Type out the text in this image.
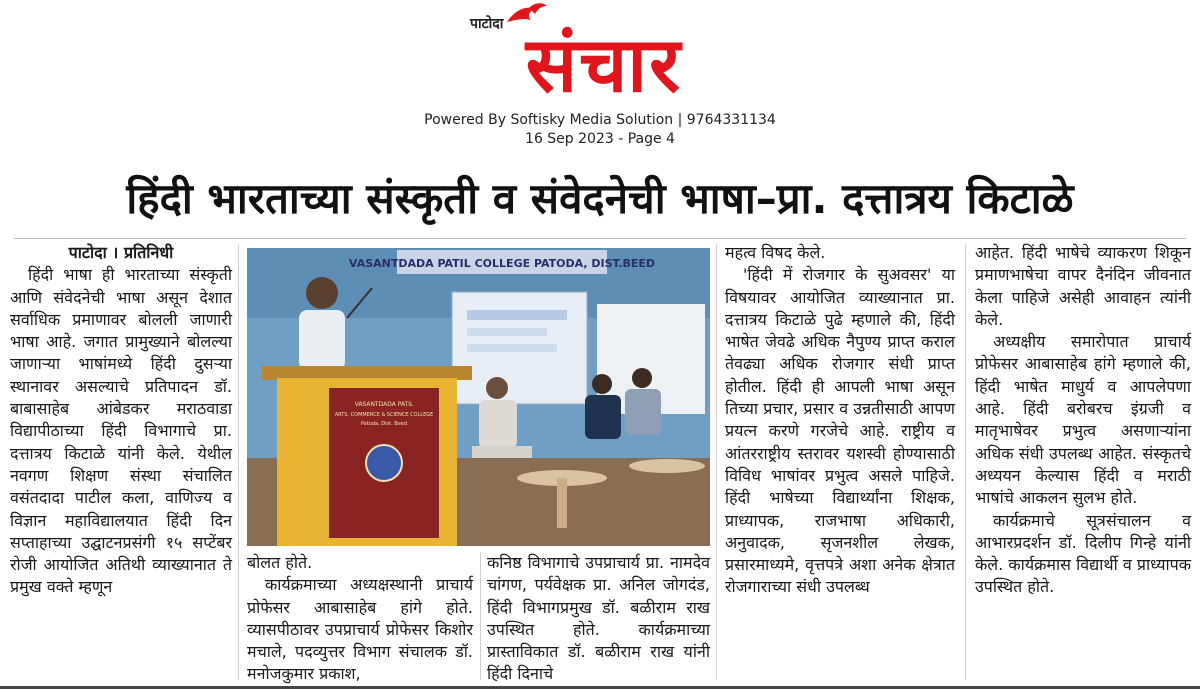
पाटोदा संचार
Powered By Softisky Media Solution | 9764331134
16 Sep 2023 - Page 4
हिंदी भारताच्या संस्कृती व संवेदनेची भाषा–प्रा. दत्तात्रय किटाळे

पाटोदा । प्रतिनिधी

हिंदी भाषा ही भारताच्या संस्कृती आणि संवेदनेची भाषा असून देशात सर्वाधिक प्रमाणावर बोलली जाणारी भाषा आहे. जगात प्रामुख्याने बोलल्या जाणाऱ्या भाषांमध्ये हिंदी दुसऱ्या स्थानावर असल्याचे प्रतिपादन डॉ. बाबासाहेब आंबेडकर मराठवाडा विद्यापीठाच्या हिंदी विभागाचे प्रा. दत्तात्रय किटाळे यांनी केले. येथील नवगण शिक्षण संस्था संचालित वसंतदादा पाटील कला, वाणिज्य व विज्ञान महाविद्यालयात हिंदी दिन सप्ताहाच्या उद्घाटनप्रसंगी १५ सप्टेंबर रोजी आयोजित अतिथी व्याख्यानात ते प्रमुख वक्ते म्हणून

VASANTDADA PATIL COLLEGE PATODA, DIST.BEED
VASANTDADA PATIL
ARTS, COMMERCE & SCIENCE COLLEGE
Patoda, Dist. Beed

बोलत होते.

कार्यक्रमाच्या अध्यक्षस्थानी प्राचार्य प्रोफेसर आबासाहेब हांगे होते. व्यासपीठावर उपप्राचार्य प्रोफेसर किशोर मचाले, पदव्युत्तर विभाग संचालक डॉ. मनोजकुमार प्रकाश,

कनिष्ठ विभागाचे उपप्राचार्य प्रा. नामदेव चांगण, पर्यवेक्षक प्रा. अनिल जोगदंड, हिंदी विभागप्रमुख डॉ. बळीराम राख उपस्थित होते. कार्यक्रमाच्या प्रास्ताविकात डॉ. बळीराम राख यांनी हिंदी दिनाचे

महत्व विषद केले.

'हिंदी में रोजगार के सुअवसर' या विषयावर आयोजित व्याख्यानात प्रा. दत्तात्रय किटाळे पुढे म्हणाले की, हिंदी भाषेत जेवढे अधिक नैपुण्य प्राप्त कराल तेवढ्या अधिक रोजगार संधी प्राप्त होतील. हिंदी ही आपली भाषा असून तिच्या प्रचार, प्रसार व उन्नतीसाठी आपण प्रयत्न करणे गरजेचे आहे. राष्ट्रीय व आंतरराष्ट्रीय स्तरावर यशस्वी होण्यासाठी विविध भाषांवर प्रभुत्व असले पाहिजे. हिंदी भाषेच्या विद्यार्थ्यांना शिक्षक, प्राध्यापक, राजभाषा अधिकारी, अनुवादक, सृजनशील लेखक, प्रसारमाध्यमे, वृत्तपत्रे अशा अनेक क्षेत्रात रोजगाराच्या संधी उपलब्ध

आहेत. हिंदी भाषेचे व्याकरण शिकून प्रमाणभाषेचा वापर दैनंदिन जीवनात केला पाहिजे असेही आवाहन त्यांनी केले.

अध्यक्षीय समारोपात प्राचार्य प्रोफेसर आबासाहेब हांगे म्हणाले की, हिंदी भाषेत माधुर्य व आपलेपणा आहे. हिंदी बरोबरच इंग्रजी व मातृभाषेवर प्रभुत्व असणाऱ्यांना अधिक संधी उपलब्ध आहेत. संस्कृतचे अध्ययन केल्यास हिंदी व मराठी भाषांचे आकलन सुलभ होते.

कार्यक्रमाचे सूत्रसंचालन व आभारप्रदर्शन डॉ. दिलीप गिन्हे यांनी केले. कार्यक्रमास विद्यार्थी व प्राध्यापक उपस्थित होते.
